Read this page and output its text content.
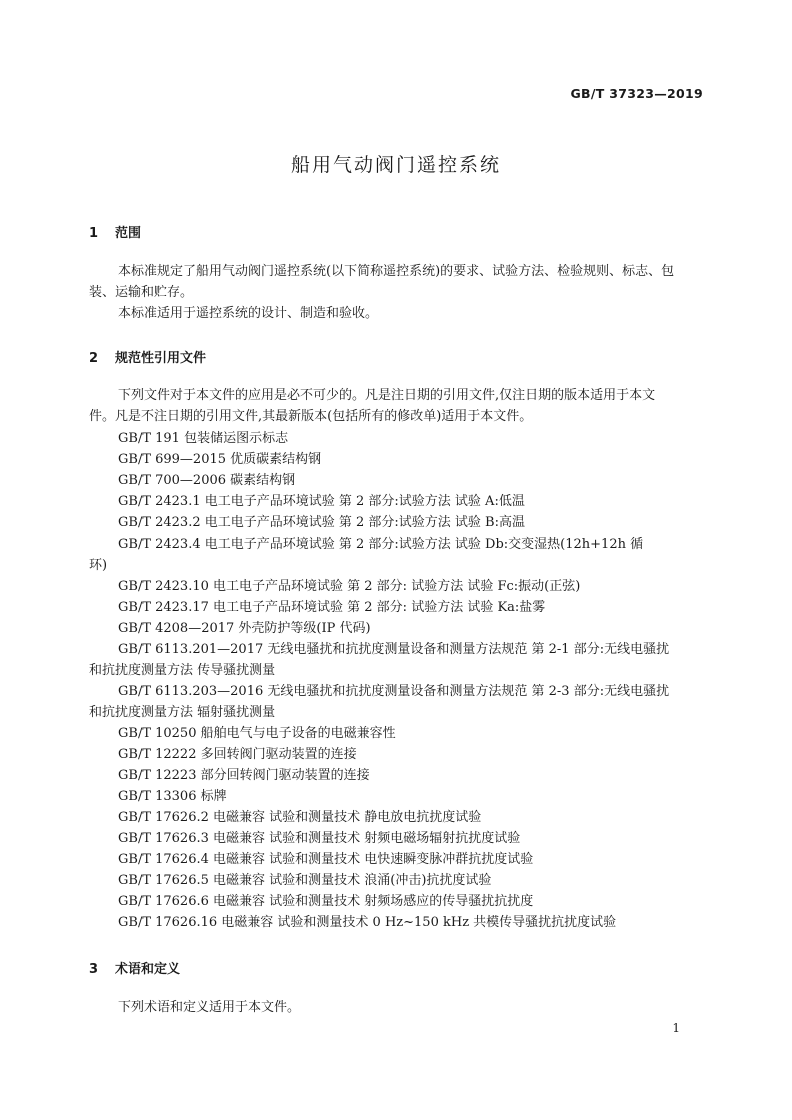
GB/T 37323—2019
船用气动阀门遥控系统
1 范围
本标准规定了船用气动阀门遥控系统(以下简称遥控系统)的要求、试验方法、检验规则、标志、包
装、运输和贮存。
本标准适用于遥控系统的设计、制造和验收。
2 规范性引用文件
下列文件对于本文件的应用是必不可少的。凡是注日期的引用文件,仅注日期的版本适用于本文
件。凡是不注日期的引用文件,其最新版本(包括所有的修改单)适用于本文件。
GB/T 191 包装储运图示标志
GB/T 699—2015 优质碳素结构钢
GB/T 700—2006 碳素结构钢
GB/T 2423.1 电工电子产品环境试验 第 2 部分:试验方法 试验 A:低温
GB/T 2423.2 电工电子产品环境试验 第 2 部分:试验方法 试验 B:高温
GB/T 2423.4 电工电子产品环境试验 第 2 部分:试验方法 试验 Db:交变湿热(12h+12h 循
环)
GB/T 2423.10 电工电子产品环境试验 第 2 部分: 试验方法 试验 Fc:振动(正弦)
GB/T 2423.17 电工电子产品环境试验 第 2 部分: 试验方法 试验 Ka:盐雾
GB/T 4208—2017 外壳防护等级(IP 代码)
GB/T 6113.201—2017 无线电骚扰和抗扰度测量设备和测量方法规范 第 2-1 部分:无线电骚扰
和抗扰度测量方法 传导骚扰测量
GB/T 6113.203—2016 无线电骚扰和抗扰度测量设备和测量方法规范 第 2-3 部分:无线电骚扰
和抗扰度测量方法 辐射骚扰测量
GB/T 10250 船舶电气与电子设备的电磁兼容性
GB/T 12222 多回转阀门驱动装置的连接
GB/T 12223 部分回转阀门驱动装置的连接
GB/T 13306 标牌
GB/T 17626.2 电磁兼容 试验和测量技术 静电放电抗扰度试验
GB/T 17626.3 电磁兼容 试验和测量技术 射频电磁场辐射抗扰度试验
GB/T 17626.4 电磁兼容 试验和测量技术 电快速瞬变脉冲群抗扰度试验
GB/T 17626.5 电磁兼容 试验和测量技术 浪涌(冲击)抗扰度试验
GB/T 17626.6 电磁兼容 试验和测量技术 射频场感应的传导骚扰抗扰度
GB/T 17626.16 电磁兼容 试验和测量技术 0 Hz~150 kHz 共模传导骚扰抗扰度试验
3 术语和定义
下列术语和定义适用于本文件。
1
